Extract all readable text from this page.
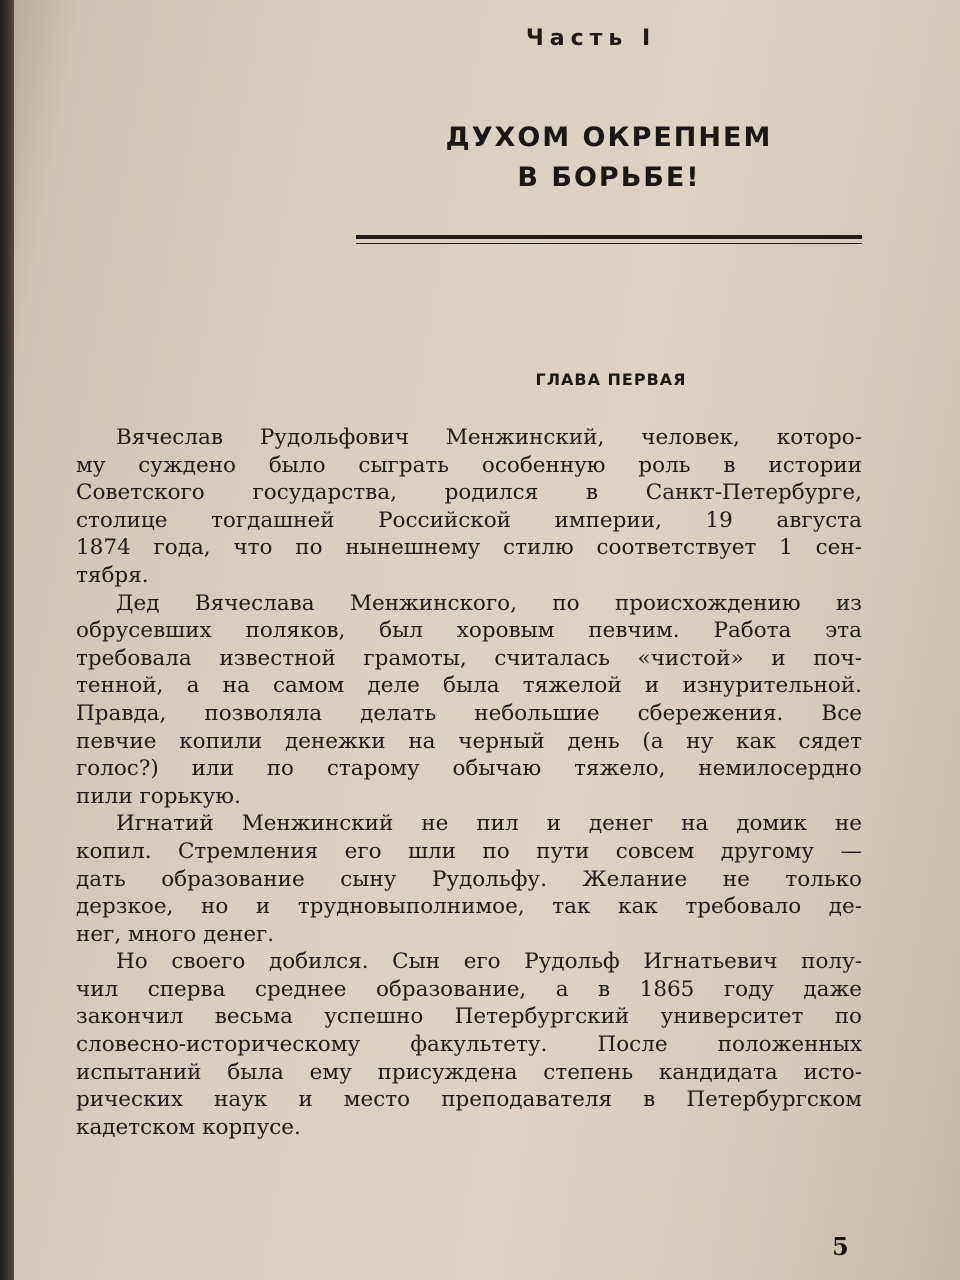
Часть I
ДУХОМ ОКРЕПНЕМ
В БОРЬБЕ!
ГЛАВА ПЕРВАЯ
Вячеслав Рудольфович Менжинский, человек, которо-
му суждено было сыграть особенную роль в истории
Советского государства, родился в Санкт-Петербурге,
столице тогдашней Российской империи, 19 августа
1874 года, что по нынешнему стилю соответствует 1 сен-
тября.
Дед Вячеслава Менжинского, по происхождению из
обрусевших поляков, был хоровым певчим. Работа эта
требовала известной грамоты, считалась «чистой» и поч-
тенной, а на самом деле была тяжелой и изнурительной.
Правда, позволяла делать небольшие сбережения. Все
певчие копили денежки на черный день (а ну как сядет
голос?) или по старому обычаю тяжело, немилосердно
пили горькую.
Игнатий Менжинский не пил и денег на домик не
копил. Стремления его шли по пути совсем другому —
дать образование сыну Рудольфу. Желание не только
дерзкое, но и трудновыполнимое, так как требовало де-
нег, много денег.
Но своего добился. Сын его Рудольф Игнатьевич полу-
чил сперва среднее образование, а в 1865 году даже
закончил весьма успешно Петербургский университет по
словесно-историческому факультету. После положенных
испытаний была ему присуждена степень кандидата исто-
рических наук и место преподавателя в Петербургском
кадетском корпусе.
5
